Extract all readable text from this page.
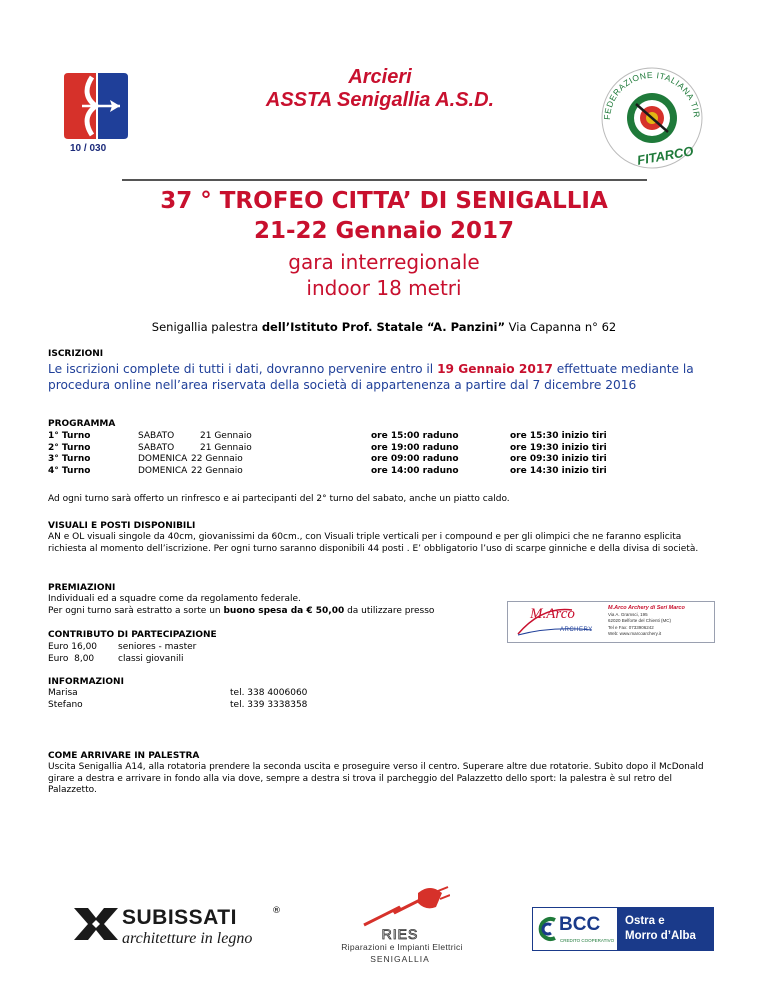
10 / 030
Arcieri
ASSTA Senigallia A.S.D.
FEDERAZIONE ITALIANA TIR
FITARCO
37 ° TROFEO CITTA’ DI SENIGALLIA
21-22 Gennaio 2017
gara interregionale
indoor 18 metri
Senigallia palestra dell’Istituto Prof. Statale “A. Panzini” Via Capanna n° 62
ISCRIZIONI
Le iscrizioni complete di tutti i dati, dovranno pervenire entro il 19 Gennaio 2017 effettuate mediante la procedura online nell’area riservata della società di appartenenza a partire dal 7 dicembre 2016
PROGRAMMA
1° Turno	SABATO	21 Gennaio	ore 15:00 raduno	ore 15:30 inizio tiri
2° Turno	SABATO	21 Gennaio	ore 19:00 raduno	ore 19:30 inizio tiri
3° Turno	DOMENICA 22 Gennaio	ore 09:00 raduno	ore 09:30 inizio tiri
4° Turno	DOMENICA 22 Gennaio	ore 14:00 raduno	ore 14:30 inizio tiri
Ad ogni turno sarà offerto un rinfresco e ai partecipanti del 2° turno del sabato, anche un piatto caldo.
VISUALI E POSTI DISPONIBILI
AN e OL visuali singole da 40cm, giovanissimi da 60cm., con Visuali triple verticali per i compound e per gli olimpici che ne faranno esplicita richiesta al momento dell’iscrizione. Per ogni turno saranno disponibili 44 posti . E’ obbligatorio l’uso di scarpe ginniche e della divisa di società.
PREMIAZIONI
Individuali ed a squadre come da regolamento federale.
Per ogni turno sarà estratto a sorte un buono spesa da € 50,00 da utilizzare presso	M.Arco
ARCHERY
M.Arco Archery di Seri Marco
Via A. Gramsci, 195
62020 Belforte del Chienti (MC)
Tel e Fax: 0733906242
Web: www.marcoarchery.it
CONTRIBUTO DI PARTECIPAZIONE
Euro 16,00 seniores - master
Euro  8,00	classi giovanili
INFORMAZIONI
Marisa	tel. 338 4006060
Stefano	tel. 339 3338358
COME ARRIVARE IN PALESTRA
Uscita Senigallia A14, alla rotatoria prendere la seconda uscita e proseguire verso il centro. Superare altre due rotatorie. Subito dopo il McDonald girare a destra e arrivare in fondo alla via dove, sempre a destra si trova il parcheggio del Palazzetto dello sport: la palestra è sul retro del Palazzetto.
SUBISSATI	®
architetture in legno	RIES
Riparazioni e Impianti Elettrici
SENIGALLIA
BCC
CREDITO COOPERATIVO
Ostra e
Morro d’Alba
